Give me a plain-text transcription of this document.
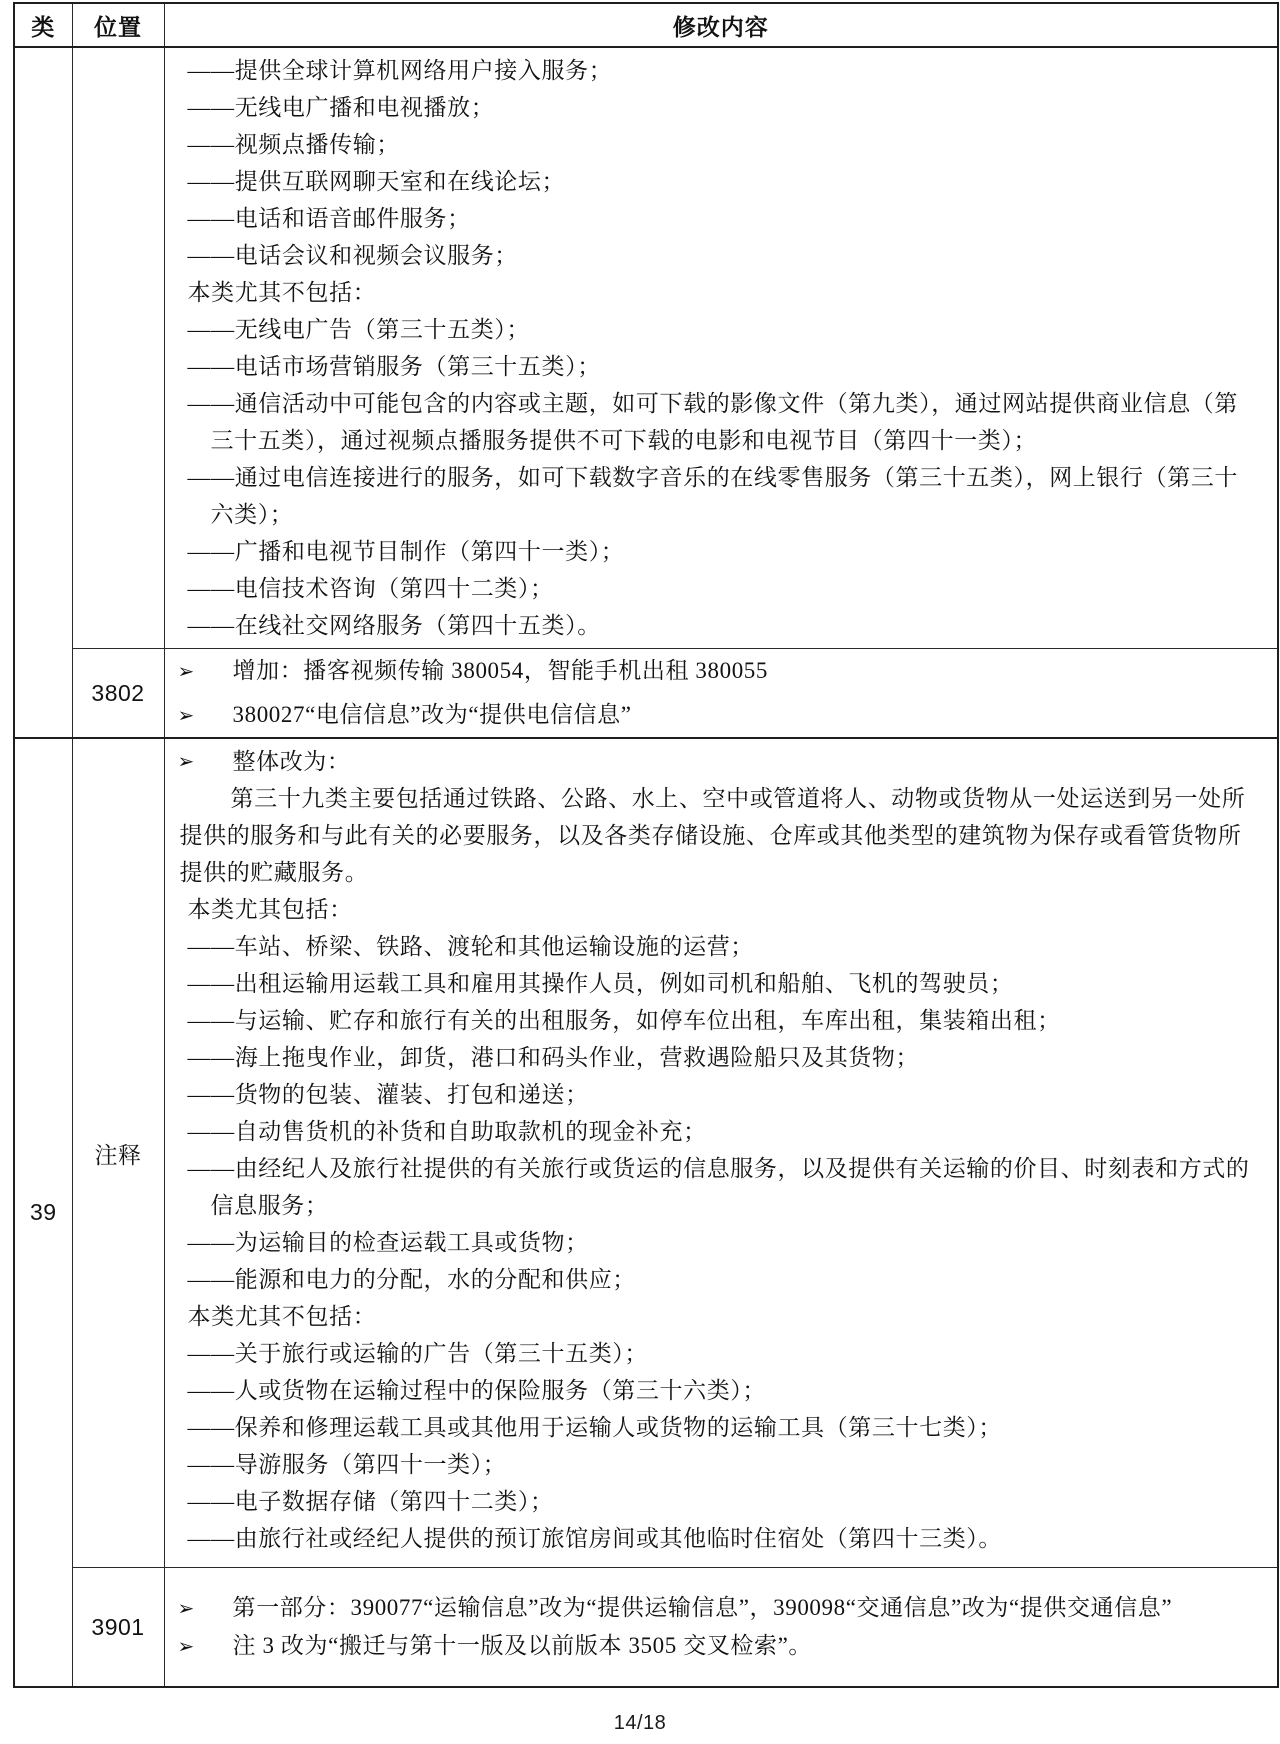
类	位置	修改内容

——提供全球计算机网络用户接入服务；
——无线电广播和电视播放；
——视频点播传输；
——提供互联网聊天室和在线论坛；
——电话和语音邮件服务；
——电话会议和视频会议服务；
本类尤其不包括：
——无线电广告（第三十五类）；
——电话市场营销服务（第三十五类）；
——通信活动中可能包含的内容或主题，如可下载的影像文件（第九类），通过网站提供商业信息（第三十五类），通过视频点播服务提供不可下载的电影和电视节目（第四十一类）；
——通过电信连接进行的服务，如可下载数字音乐的在线零售服务（第三十五类），网上银行（第三十六类）；
——广播和电视节目制作（第四十一类）；
——电信技术咨询（第四十二类）；
——在线社交网络服务（第四十五类）。

	3802	➢ 增加：播客视频传输 380054，智能手机出租 380055
➢ 380027“电信信息”改为“提供电信信息”

39	注释	
➢ 整体改为：
第三十九类主要包括通过铁路、公路、水上、空中或管道将人、动物或货物从一处运送到另一处所提供的服务和与此有关的必要服务，以及各类存储设施、仓库或其他类型的建筑物为保存或看管货物所提供的贮藏服务。
本类尤其包括：
——车站、桥梁、铁路、渡轮和其他运输设施的运营；
——出租运输用运载工具和雇用其操作人员，例如司机和船舶、飞机的驾驶员；
——与运输、贮存和旅行有关的出租服务，如停车位出租，车库出租，集装箱出租；
——海上拖曳作业，卸货，港口和码头作业，营救遇险船只及其货物；
——货物的包装、灌装、打包和递送；
——自动售货机的补货和自助取款机的现金补充；
——由经纪人及旅行社提供的有关旅行或货运的信息服务，以及提供有关运输的价目、时刻表和方式的信息服务；
——为运输目的检查运载工具或货物；
——能源和电力的分配，水的分配和供应；
本类尤其不包括：
——关于旅行或运输的广告（第三十五类）；
——人或货物在运输过程中的保险服务（第三十六类）；
——保养和修理运载工具或其他用于运输人或货物的运输工具（第三十七类）；
——导游服务（第四十一类）；
——电子数据存储（第四十二类）；
——由旅行社或经纪人提供的预订旅馆房间或其他临时住宿处（第四十三类）。

	3901	➢ 第一部分：390077“运输信息”改为“提供运输信息”，390098“交通信息”改为“提供交通信息”
➢ 注 3 改为“搬迁与第十一版及以前版本 3505 交叉检索”。
14/18
